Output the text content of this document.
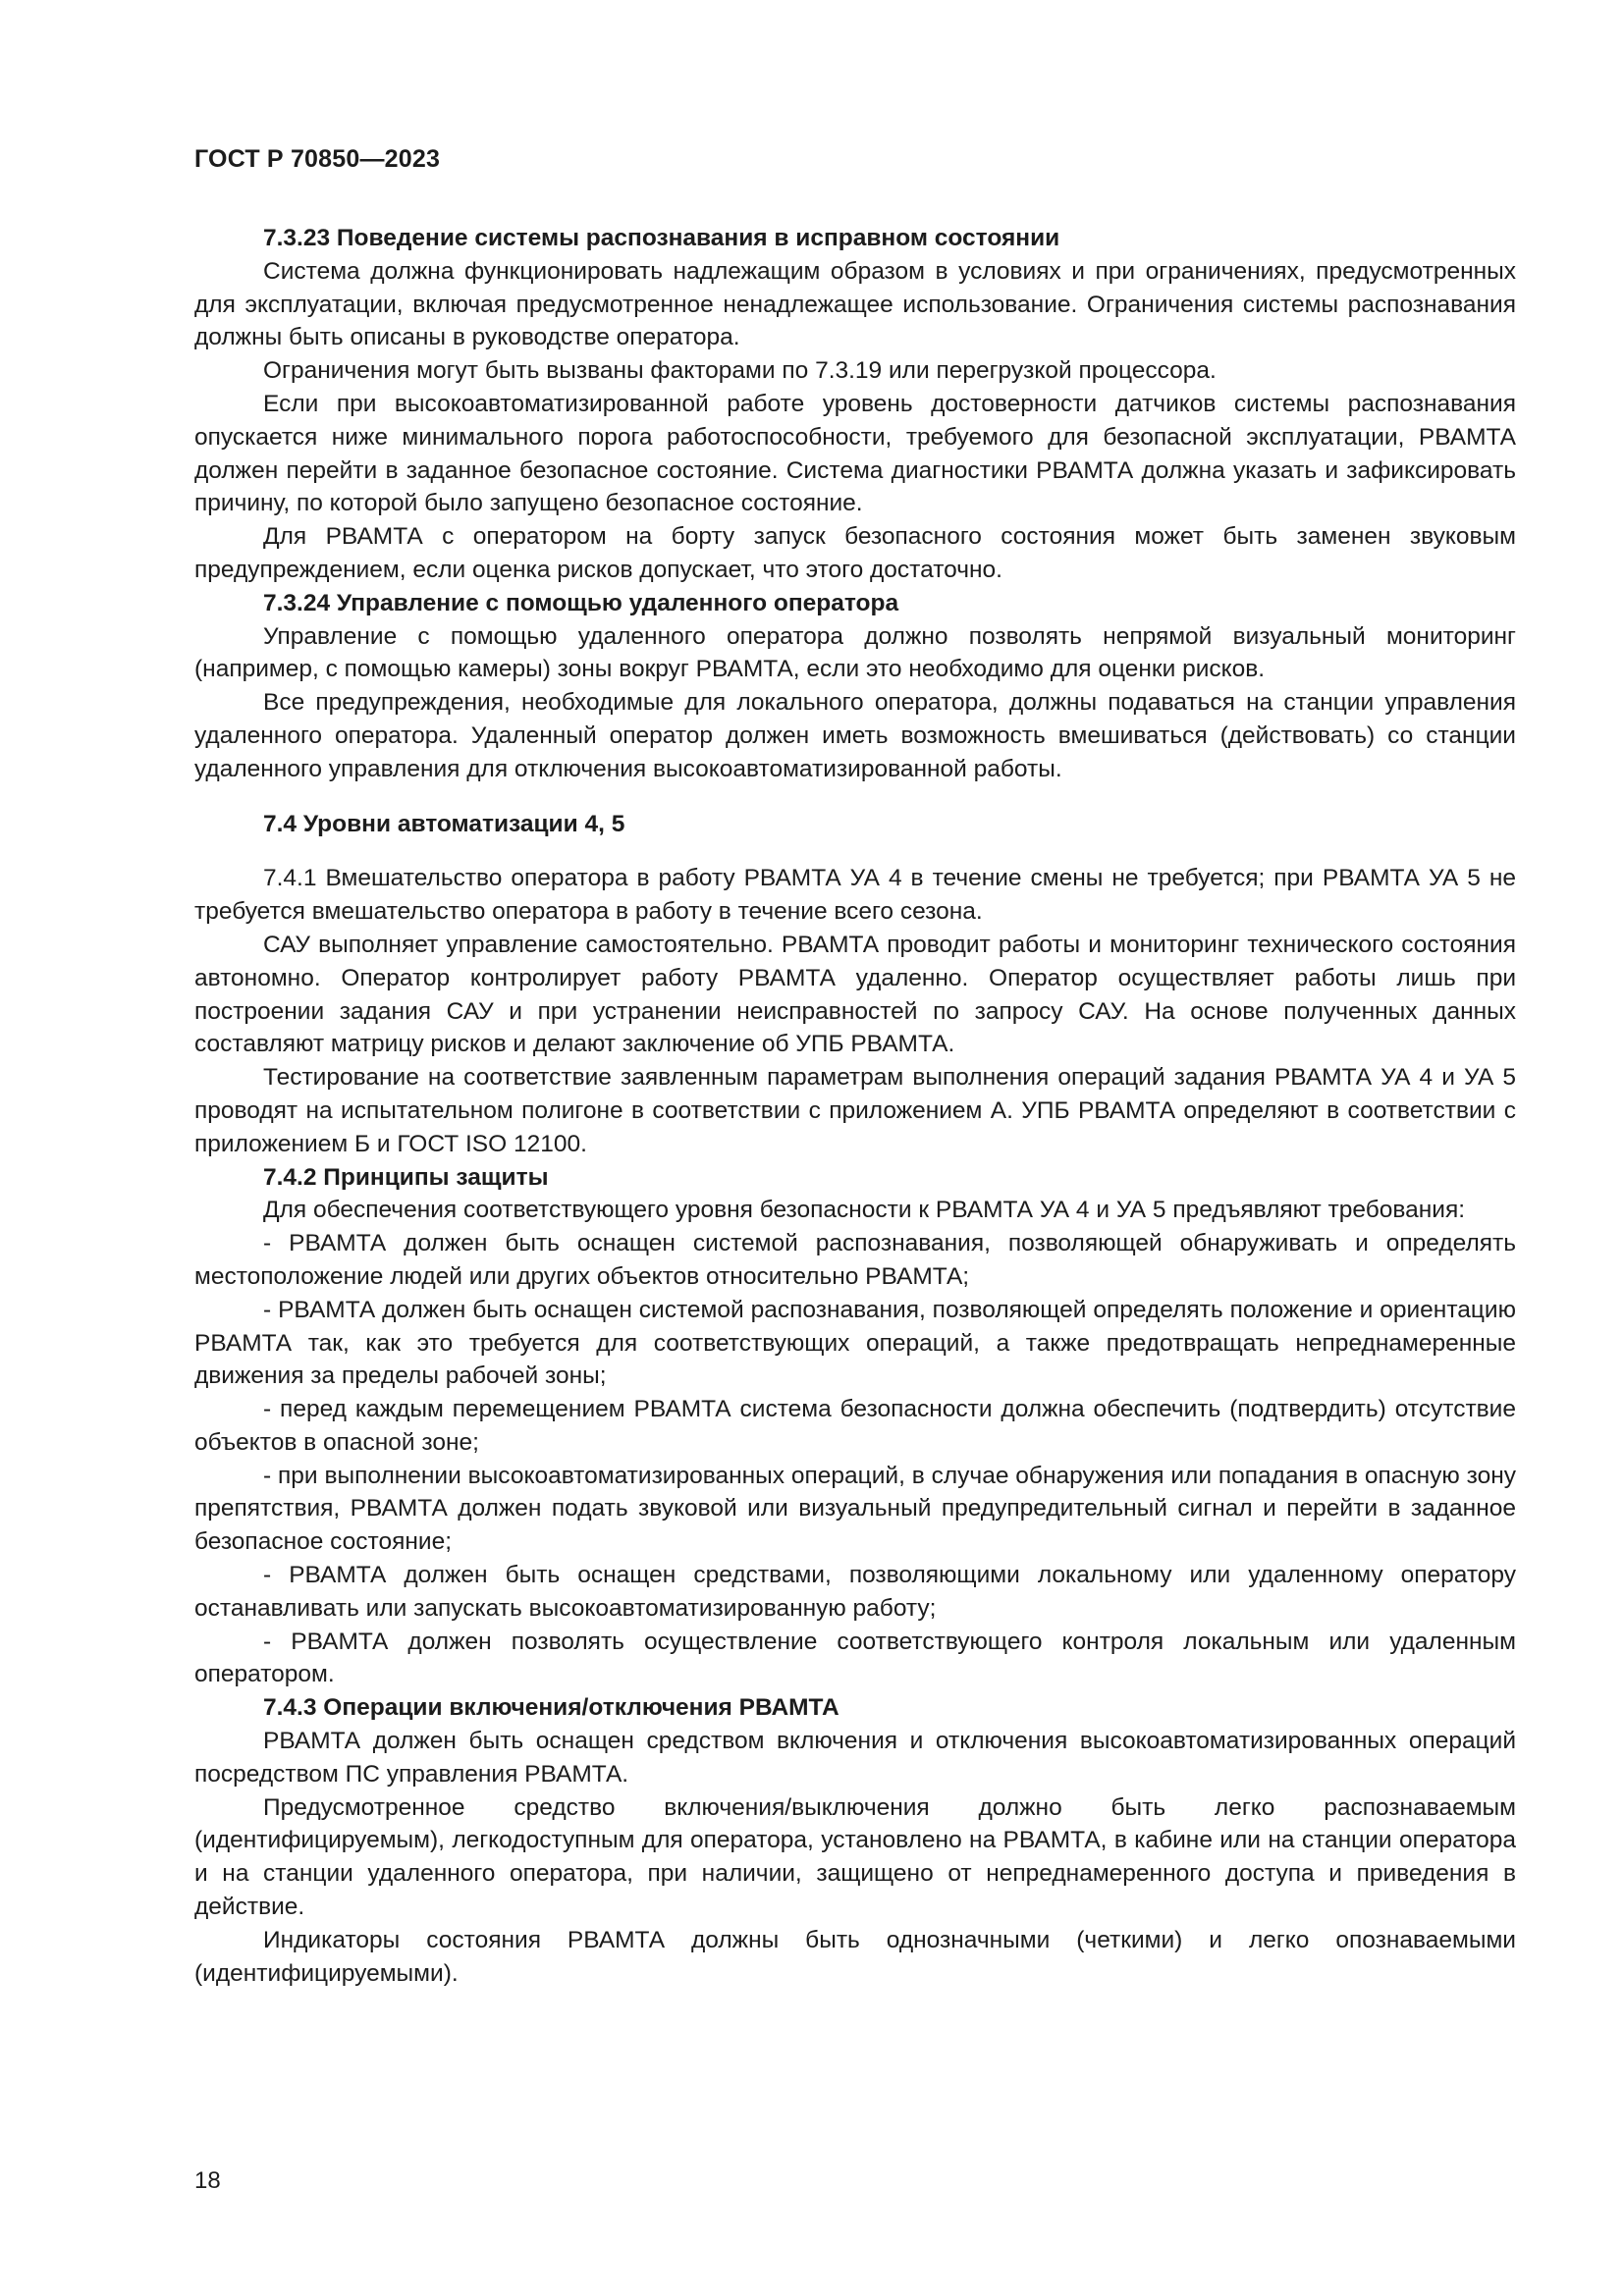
ГОСТ Р 70850—2023

7.3.23 Поведение системы распознавания в исправном состоянии

Система должна функционировать надлежащим образом в условиях и при ограничениях, предусмотренных для эксплуатации, включая предусмотренное ненадлежащее использование. Ограничения системы распознавания должны быть описаны в руководстве оператора.

Ограничения могут быть вызваны факторами по 7.3.19 или перегрузкой процессора.

Если при высокоавтоматизированной работе уровень достоверности датчиков системы распознавания опускается ниже минимального порога работоспособности, требуемого для безопасной эксплуатации, РВАМТА должен перейти в заданное безопасное состояние. Система диагностики РВАМТА должна указать и зафиксировать причину, по которой было запущено безопасное состояние.

Для РВАМТА с оператором на борту запуск безопасного состояния может быть заменен звуковым предупреждением, если оценка рисков допускает, что этого достаточно.

7.3.24 Управление с помощью удаленного оператора

Управление с помощью удаленного оператора должно позволять непрямой визуальный мониторинг (например, с помощью камеры) зоны вокруг РВАМТА, если это необходимо для оценки рисков.

Все предупреждения, необходимые для локального оператора, должны подаваться на станции управления удаленного оператора. Удаленный оператор должен иметь возможность вмешиваться (действовать) со станции удаленного управления для отключения высокоавтоматизированной работы.

7.4 Уровни автоматизации 4, 5

7.4.1 Вмешательство оператора в работу РВАМТА УА 4 в течение смены не требуется; при РВАМТА УА 5 не требуется вмешательство оператора в работу в течение всего сезона.

САУ выполняет управление самостоятельно. РВАМТА проводит работы и мониторинг технического состояния автономно. Оператор контролирует работу РВАМТА удаленно. Оператор осуществляет работы лишь при построении задания САУ и при устранении неисправностей по запросу САУ. На основе полученных данных составляют матрицу рисков и делают заключение об УПБ РВАМТА.

Тестирование на соответствие заявленным параметрам выполнения операций задания РВАМТА УА 4 и УА 5 проводят на испытательном полигоне в соответствии с приложением А. УПБ РВАМТА определяют в соответствии с приложением Б и ГОСТ ISO 12100.

7.4.2 Принципы защиты

Для обеспечения соответствующего уровня безопасности к РВАМТА УА 4 и УА 5 предъявляют требования:

- РВАМТА должен быть оснащен системой распознавания, позволяющей обнаруживать и определять местоположение людей или других объектов относительно РВАМТА;

- РВАМТА должен быть оснащен системой распознавания, позволяющей определять положение и ориентацию РВАМТА так, как это требуется для соответствующих операций, а также предотвращать непреднамеренные движения за пределы рабочей зоны;

- перед каждым перемещением РВАМТА система безопасности должна обеспечить (подтвердить) отсутствие объектов в опасной зоне;

- при выполнении высокоавтоматизированных операций, в случае обнаружения или попадания в опасную зону препятствия, РВАМТА должен подать звуковой или визуальный предупредительный сигнал и перейти в заданное безопасное состояние;

- РВАМТА должен быть оснащен средствами, позволяющими локальному или удаленному оператору останавливать или запускать высокоавтоматизированную работу;

- РВАМТА должен позволять осуществление соответствующего контроля локальным или удаленным оператором.

7.4.3 Операции включения/отключения РВАМТА

РВАМТА должен быть оснащен средством включения и отключения высокоавтоматизированных операций посредством ПС управления РВАМТА.

Предусмотренное средство включения/выключения должно быть легко распознаваемым (идентифицируемым), легкодоступным для оператора, установлено на РВАМТА, в кабине или на станции оператора и на станции удаленного оператора, при наличии, защищено от непреднамеренного доступа и приведения в действие.

Индикаторы состояния РВАМТА должны быть однозначными (четкими) и легко опознаваемыми (идентифицируемыми).

18
